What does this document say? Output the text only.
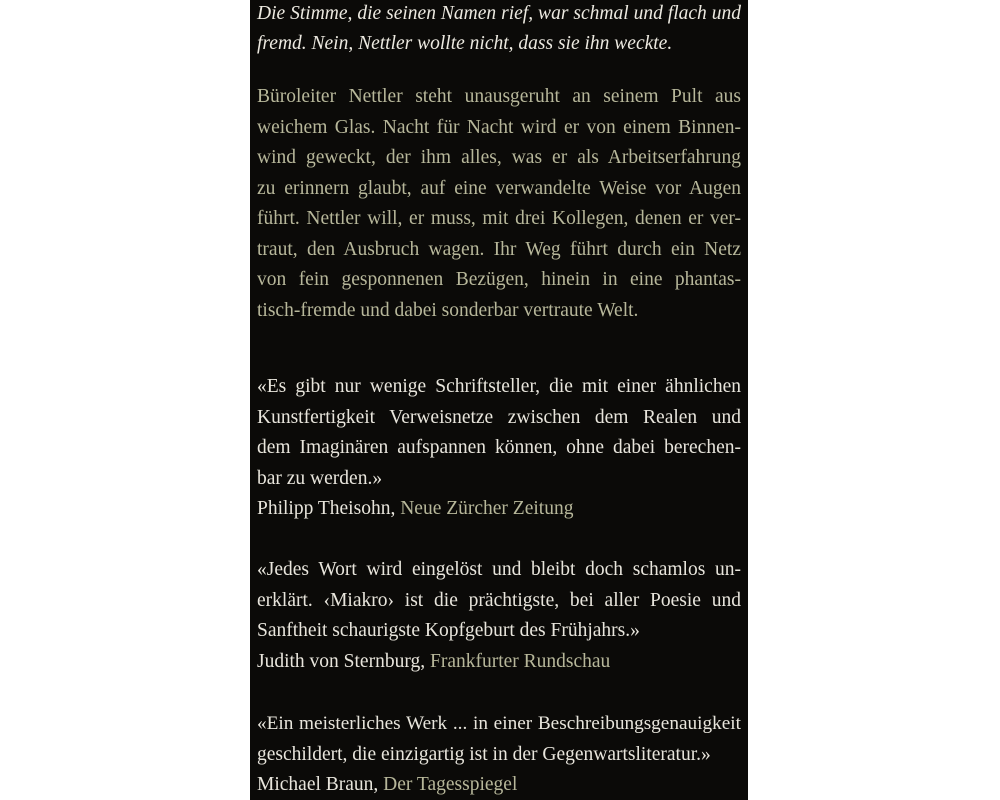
Die Stimme, die seinen Namen rief, war schmal und flach und
fremd. Nein, Nettler wollte nicht, dass sie ihn weckte.
Büroleiter Nettler steht unausgeruht an seinem Pult aus
weichem Glas. Nacht für Nacht wird er von einem Binnen-
wind geweckt, der ihm alles, was er als Arbeitserfahrung
zu erinnern glaubt, auf eine verwandelte Weise vor Augen
führt. Nettler will, er muss, mit drei Kollegen, denen er ver-
traut, den Ausbruch wagen. Ihr Weg führt durch ein Netz
von fein gesponnenen Bezügen, hinein in eine phantas-
tisch-fremde und dabei sonderbar vertraute Welt.
«Es gibt nur wenige Schriftsteller, die mit einer ähnlichen
Kunstfertigkeit Verweisnetze zwischen dem Realen und
dem Imaginären aufspannen können, ohne dabei berechen-
bar zu werden.»
Philipp Theisohn, Neue Zürcher Zeitung
«Jedes Wort wird eingelöst und bleibt doch schamlos un-
erklärt. ‹Miakro› ist die prächtigste, bei aller Poesie und
Sanftheit schaurigste Kopfgeburt des Frühjahrs.»
Judith von Sternburg, Frankfurter Rundschau
«Ein meisterliches Werk ... in einer Beschreibungsgenauigkeit
geschildert, die einzigartig ist in der Gegenwartsliteratur.»
Michael Braun, Der Tagesspiegel
